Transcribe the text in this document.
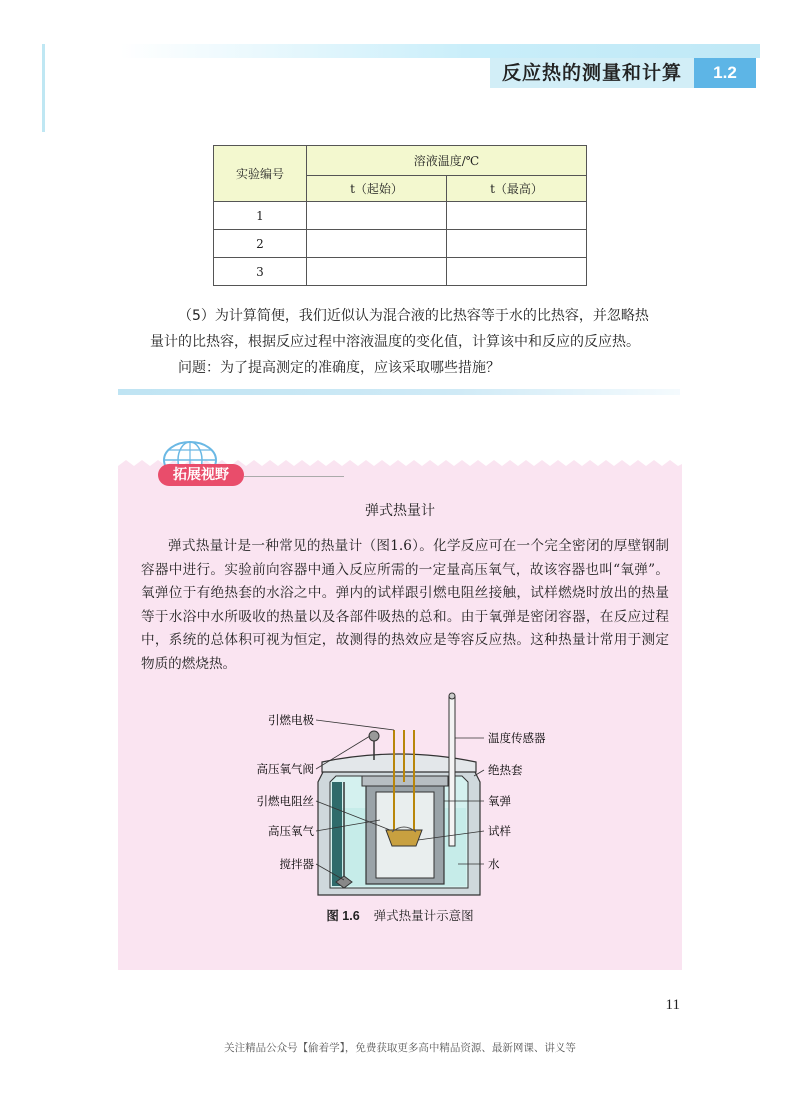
反应热的测量和计算	1.2
实验编号	溶液温度/℃	
	t（起始）	t（最高）
1		
2		
3		

（5）为计算简便，我们近似认为混合液的比热容等于水的比热容，并忽略热

量计的比热容，根据反应过程中溶液温度的变化值，计算该中和反应的反应热。

问题：为了提高测定的准确度，应该采取哪些措施？

拓展视野
弹式热量计

弹式热量计是一种常见的热量计（图1.6）。化学反应可在一个完全密闭的厚壁钢制容器中进行。实验前向容器中通入反应所需的一定量高压氧气，故该容器也叫“氧弹”。氧弹位于有绝热套的水浴之中。弹内的试样跟引燃电阻丝接触，试样燃烧时放出的热量等于水浴中水所吸收的热量以及各部件吸热的总和。由于氧弹是密闭容器，在反应过程中，系统的总体积可视为恒定，故测得的热效应是等容反应热。这种热量计常用于测定物质的燃烧热。

引燃电极
高压氧气阀
引燃电阻丝
高压氧气
搅拌器
温度传感器
绝热套
氧弹
试样
水
图 1.6 弹式热量计示意图
11
关注精品公众号【偷着学】，免费获取更多高中精品资源、最新网课、讲义等
